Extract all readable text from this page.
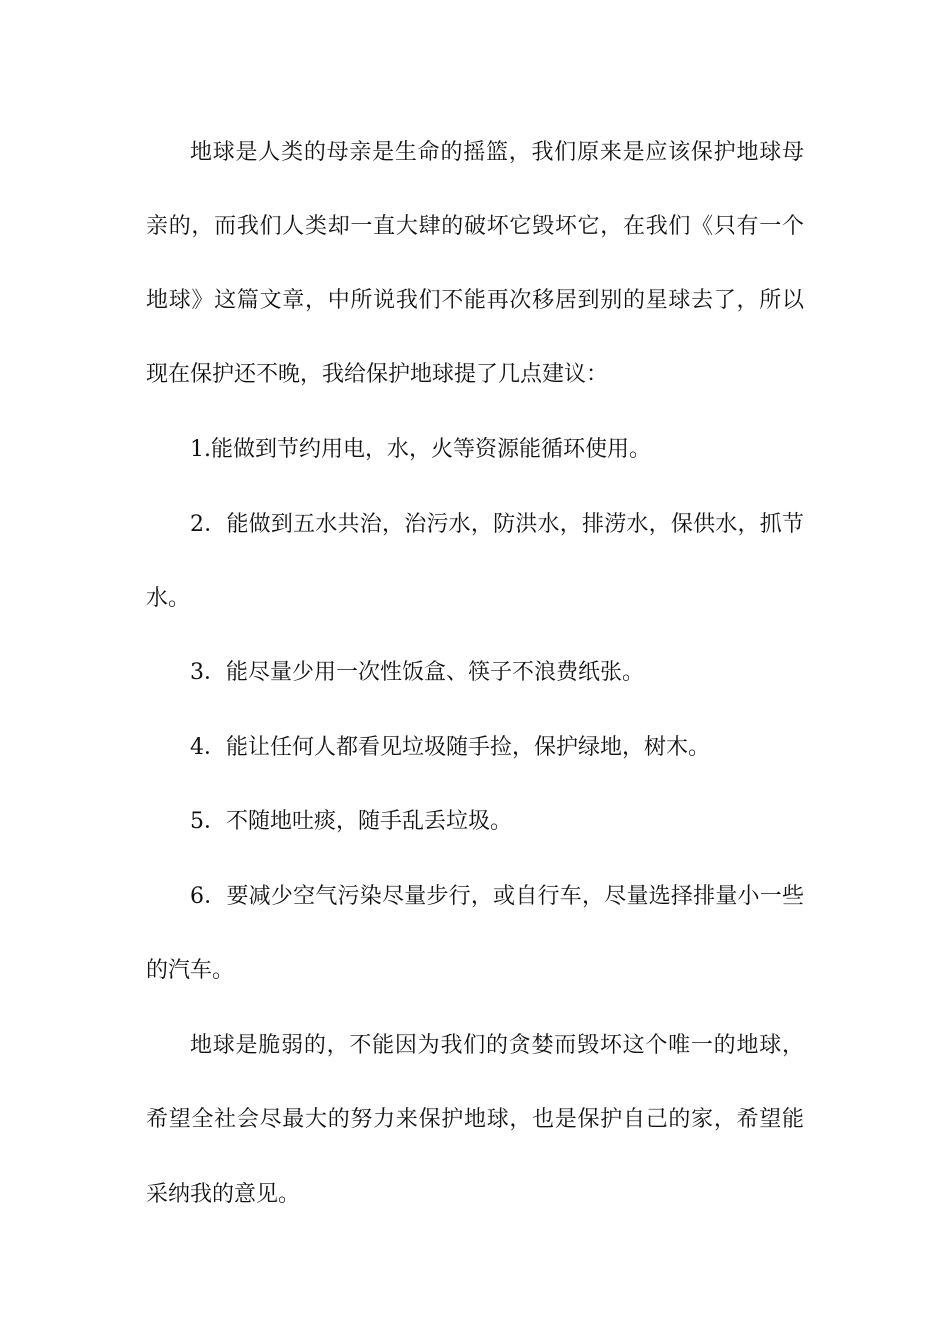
地球是人类的母亲是生命的摇篮，我们原来是应该保护地球母
亲的，而我们人类却一直大肆的破坏它毁坏它，在我们《只有一个
地球》这篇文章，中所说我们不能再次移居到别的星球去了，所以
现在保护还不晚，我给保护地球提了几点建议：
1.能做到节约用电，水，火等资源能循环使用。
2．能做到五水共治，治污水，防洪水，排涝水，保供水，抓节
水。
3．能尽量少用一次性饭盒、筷子不浪费纸张。
4．能让任何人都看见垃圾随手捡，保护绿地，树木。
5．不随地吐痰，随手乱丢垃圾。
6．要减少空气污染尽量步行，或自行车，尽量选择排量小一些
的汽车。
地球是脆弱的，不能因为我们的贪婪而毁坏这个唯一的地球，
希望全社会尽最大的努力来保护地球，也是保护自己的家，希望能
采纳我的意见。
